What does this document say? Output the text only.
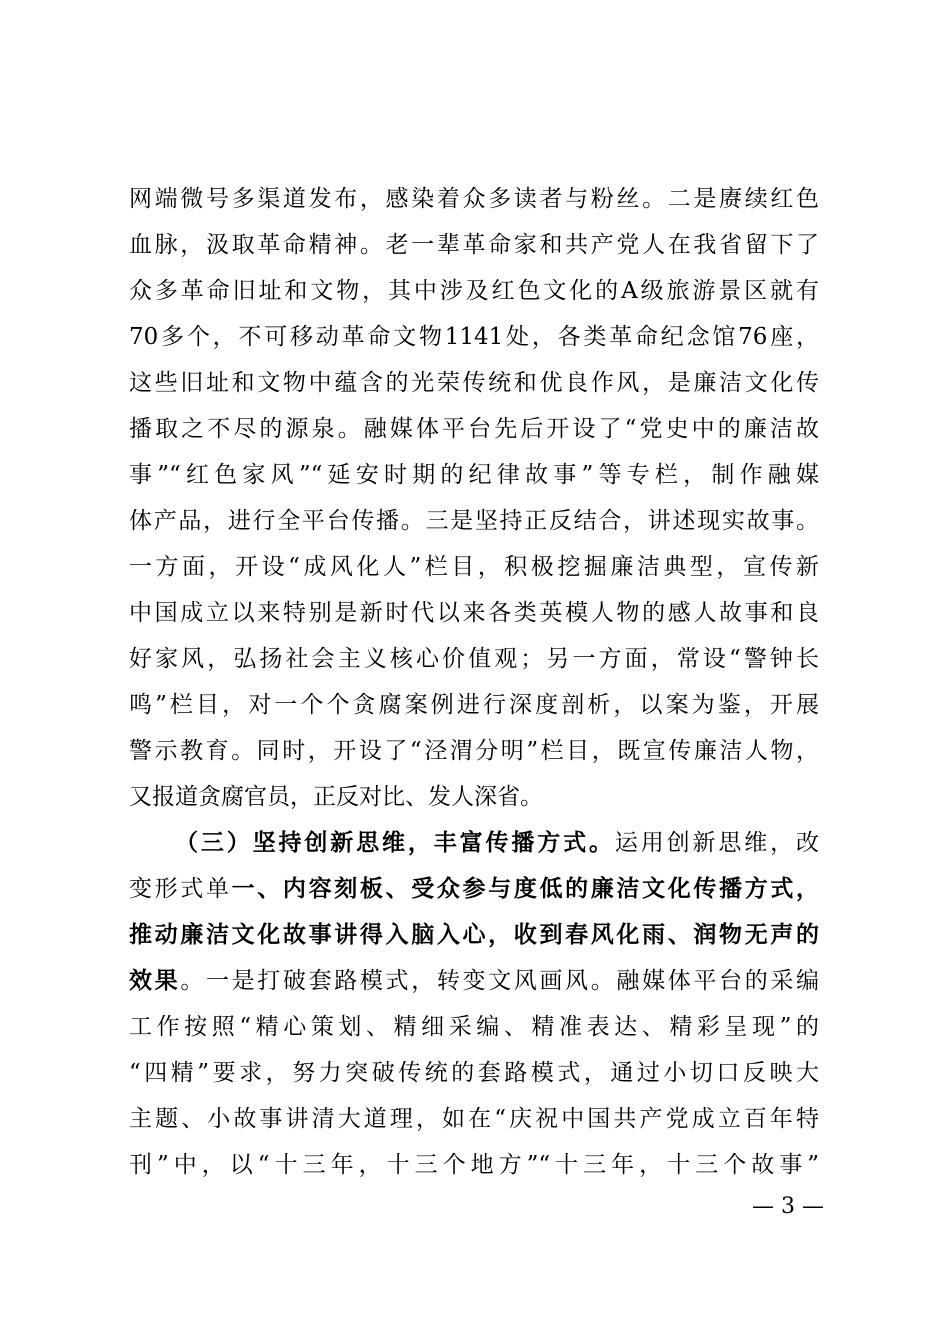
网端微号多渠道发布，感染着众多读者与粉丝。二是赓续红色
血脉，汲取革命精神。老一辈革命家和共产党人在我省留下了
众多革命旧址和文物，其中涉及红色文化的A级旅游景区就有
70多个，不可移动革命文物1141处，各类革命纪念馆76座，
这些旧址和文物中蕴含的光荣传统和优良作风，是廉洁文化传
播取之不尽的源泉。融媒体平台先后开设了“党史中的廉洁故
事”“红色家风”“延安时期的纪律故事”等专栏，制作融媒
体产品，进行全平台传播。三是坚持正反结合，讲述现实故事。
一方面，开设“成风化人”栏目，积极挖掘廉洁典型，宣传新
中国成立以来特别是新时代以来各类英模人物的感人故事和良
好家风，弘扬社会主义核心价值观；另一方面，常设“警钟长
鸣”栏目，对一个个贪腐案例进行深度剖析，以案为鉴，开展
警示教育。同时，开设了“泾渭分明”栏目，既宣传廉洁人物，
又报道贪腐官员，正反对比、发人深省。
（三）坚持创新思维，丰富传播方式。运用创新思维，改
变形式单一、内容刻板、受众参与度低的廉洁文化传播方式，
推动廉洁文化故事讲得入脑入心，收到春风化雨、润物无声的
效果。一是打破套路模式，转变文风画风。融媒体平台的采编
工作按照“精心策划、精细采编、精准表达、精彩呈现”的
“四精”要求，努力突破传统的套路模式，通过小切口反映大
主题、小故事讲清大道理，如在“庆祝中国共产党成立百年特
刊”中，以“十三年，十三个地方”“十三年，十三个故事”
— 3 —
